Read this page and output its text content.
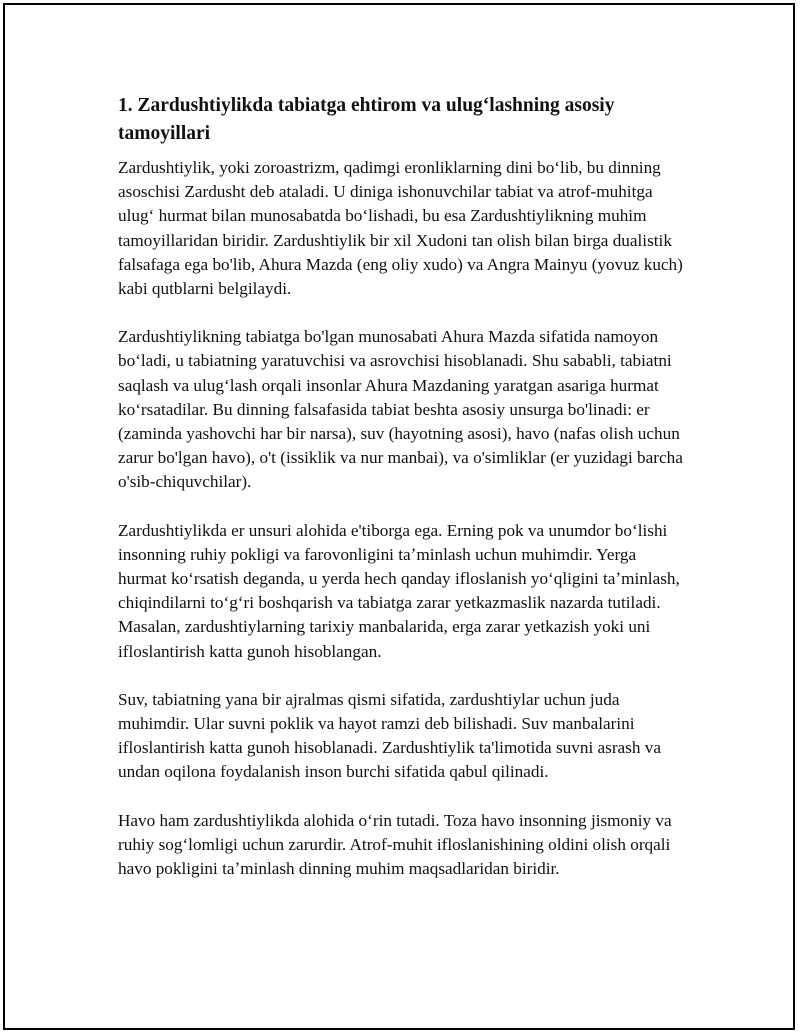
1. Zardushtiylikda tabiatga ehtirom va ulugʻlashning asosiy tamoyillari

Zardushtiylik, yoki zoroastrizm, qadimgi eronliklarning dini boʻlib, bu dinning asoschisi Zardusht deb ataladi. U diniga ishonuvchilar tabiat va atrof-muhitga ulugʻ hurmat bilan munosabatda boʻlishadi, bu esa Zardushtiylikning muhim tamoyillaridan biridir. Zardushtiylik bir xil Xudoni tan olish bilan birga dualistik falsafaga ega bo'lib, Ahura Mazda (eng oliy xudo) va Angra Mainyu (yovuz kuch) kabi qutblarni belgilaydi.

Zardushtiylikning tabiatga bo'lgan munosabati Ahura Mazda sifatida namoyon boʻladi, u tabiatning yaratuvchisi va asrovchisi hisoblanadi. Shu sababli, tabiatni saqlash va ulugʻlash orqali insonlar Ahura Mazdaning yaratgan asariga hurmat koʻrsatadilar. Bu dinning falsafasida tabiat beshta asosiy unsurga bo'linadi: er (zaminda yashovchi har bir narsa), suv (hayotning asosi), havo (nafas olish uchun zarur bo'lgan havo), o't (issiklik va nur manbai), va o'simliklar (er yuzidagi barcha o'sib-chiquvchilar).

Zardushtiylikda er unsuri alohida e'tiborga ega. Erning pok va unumdor boʻlishi insonning ruhiy pokligi va farovonligini taʼminlash uchun muhimdir. Yerga hurmat koʻrsatish deganda, u yerda hech qanday ifloslanish yoʻqligini taʼminlash, chiqindilarni toʻgʻri boshqarish va tabiatga zarar yetkazmaslik nazarda tutiladi. Masalan, zardushtiylarning tarixiy manbalarida, erga zarar yetkazish yoki uni ifloslantirish katta gunoh hisoblangan.

Suv, tabiatning yana bir ajralmas qismi sifatida, zardushtiylar uchun juda muhimdir. Ular suvni poklik va hayot ramzi deb bilishadi. Suv manbalarini ifloslantirish katta gunoh hisoblanadi. Zardushtiylik ta'limotida suvni asrash va undan oqilona foydalanish inson burchi sifatida qabul qilinadi.

Havo ham zardushtiylikda alohida oʻrin tutadi. Toza havo insonning jismoniy va ruhiy sogʻlomligi uchun zarurdir. Atrof-muhit ifloslanishining oldini olish orqali havo pokligini taʼminlash dinning muhim maqsadlaridan biridir.
